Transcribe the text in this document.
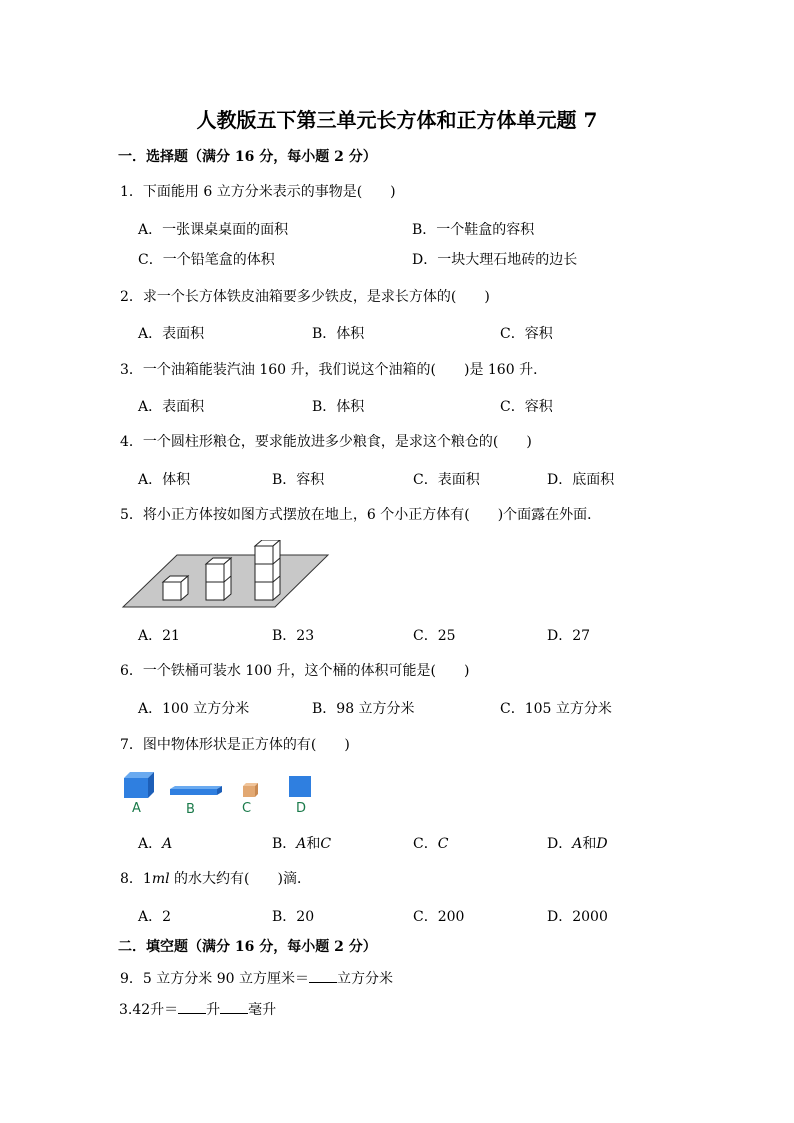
人教版五下第三单元长方体和正方体单元题 7
一．选择题（满分 16 分，每小题 2 分）
1．下面能用 6 立方分米表示的事物是(　　)
A．一张课桌桌面的面积	B．一个鞋盒的容积
C．一个铅笔盒的体积	D．一块大理石地砖的边长
2．求一个长方体铁皮油箱要多少铁皮，是求长方体的(　　)
A．表面积	B．体积	C．容积
3．一个油箱能装汽油 160 升，我们说这个油箱的(　　)是 160 升．
A．表面积	B．体积	C．容积
4．一个圆柱形粮仓，要求能放进多少粮食，是求这个粮仓的(　　)
A．体积	B．容积	C．表面积	D．底面积
5．将小正方体按如图方式摆放在地上，6 个小正方体有(　　)个面露在外面．
A．21	B．23	C．25	D．27
6．一个铁桶可装水 100 升，这个桶的体积可能是(　　)
A．100 立方分米	B．98 立方分米	C．105 立方分米
7．图中物体形状是正方体的有(　　)
A	B	C	D
A．A	B．A和C	C．C	D．A和D
8．1ml 的水大约有(　　)滴．
A．2	B．20	C．200	D．2000
二．填空题（满分 16 分，每小题 2 分）
9．5 立方分米 90 立方厘米＝ 立方分米
3.42升＝ 升 毫升
